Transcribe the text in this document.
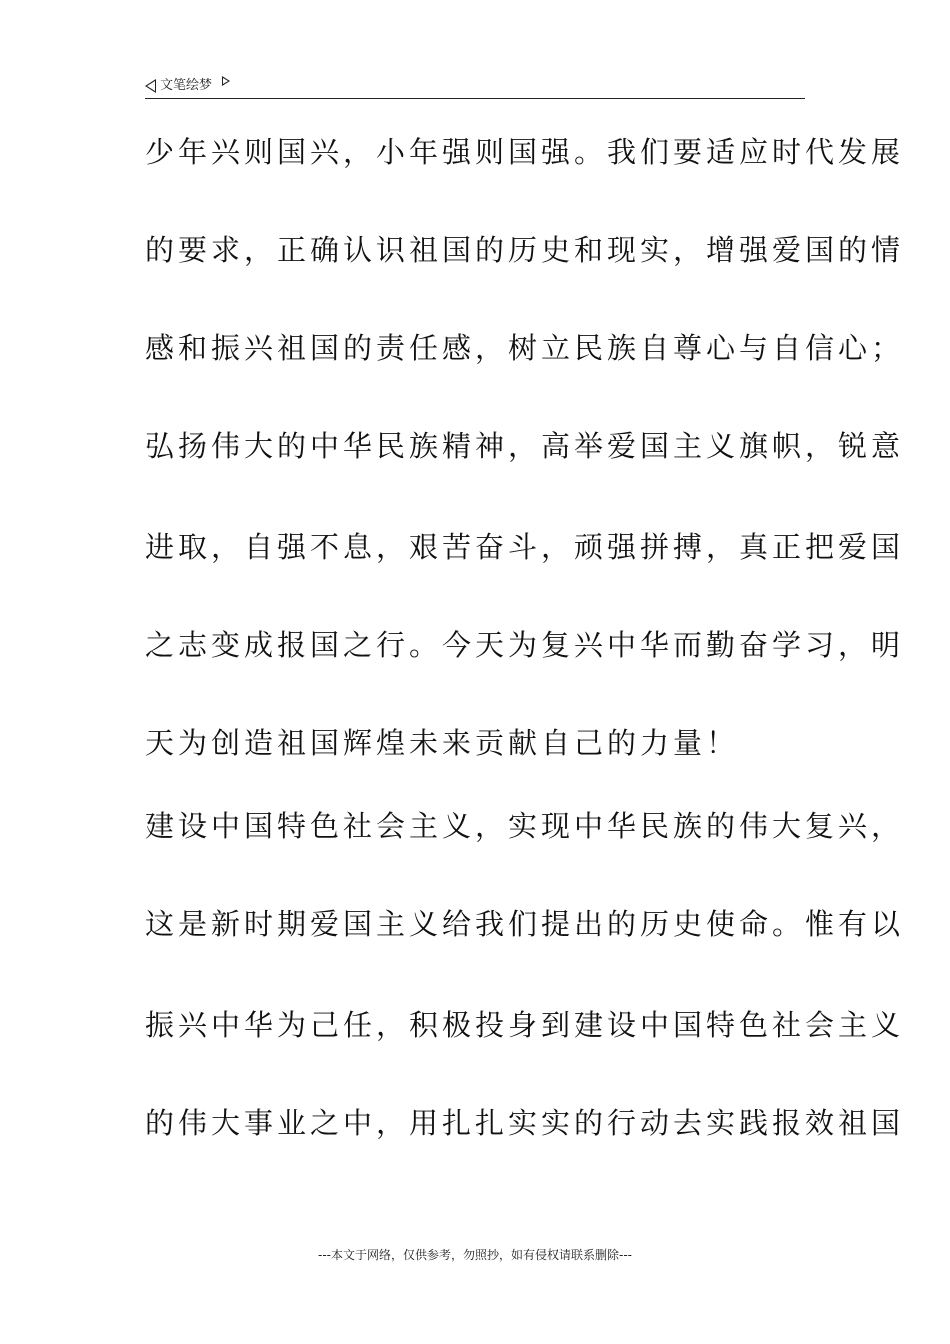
文笔绘梦

少年兴则国兴，小年强则国强。我们要适应时代发展

的要求，正确认识祖国的历史和现实，增强爱国的情

感和振兴祖国的责任感，树立民族自尊心与自信心；

弘扬伟大的中华民族精神，高举爱国主义旗帜，锐意

进取，自强不息，艰苦奋斗，顽强拼搏，真正把爱国

之志变成报国之行。今天为复兴中华而勤奋学习，明

天为创造祖国辉煌未来贡献自己的力量！

建设中国特色社会主义，实现中华民族的伟大复兴，

这是新时期爱国主义给我们提出的历史使命。惟有以

振兴中华为己任，积极投身到建设中国特色社会主义

的伟大事业之中，用扎扎实实的行动去实践报效祖国

---本文于网络，仅供参考，勿照抄，如有侵权请联系删除---
